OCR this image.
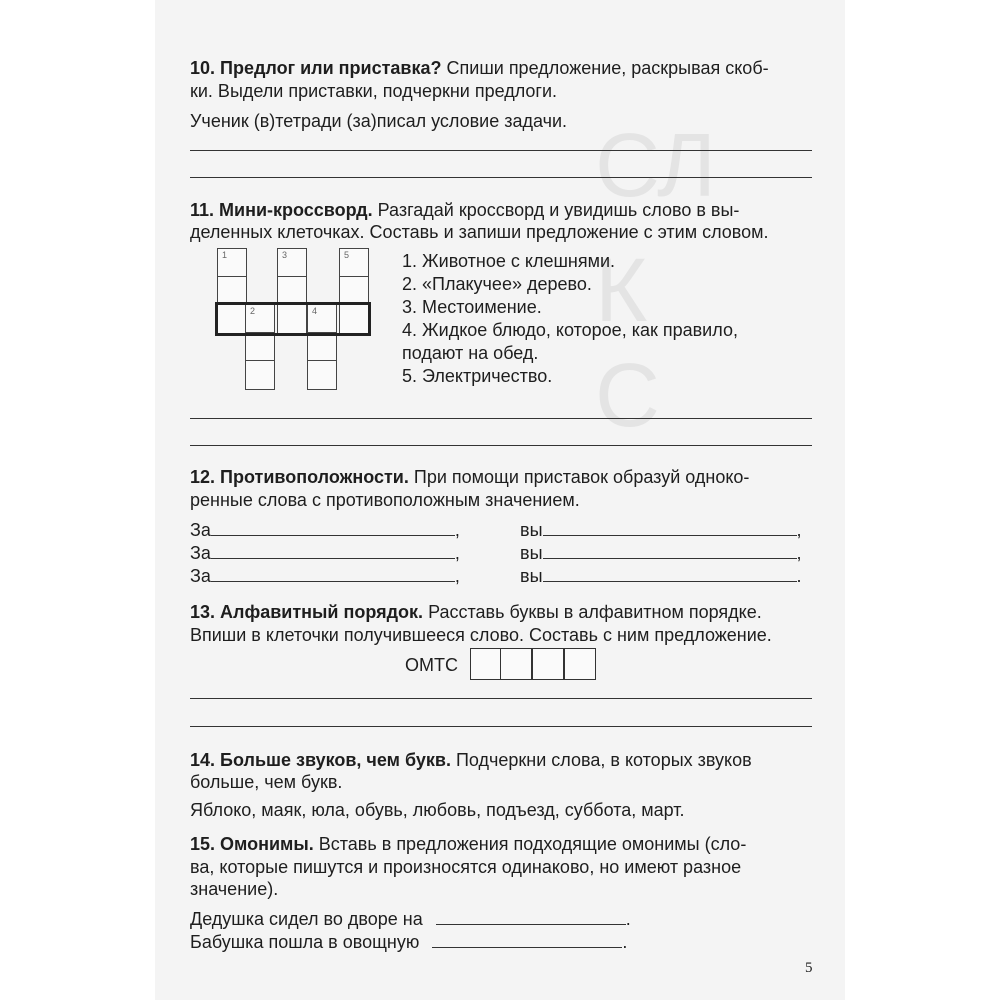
СЛ
К
С
10. Предлог или приставка? Спиши предложение, раскрывая скоб-
ки. Выдели приставки, подчеркни предлоги.
Ученик (в)тетради (за)писал условие задачи.
11. Мини-кроссворд. Разгадай кроссворд и увидишь слово в вы-
деленных клеточках. Составь и запиши предложение с этим словом.
1
2
3
4
5	1. Животное с клешнями.
2. «Плакучее» дерево.
3. Местоимение.
4. Жидкое блюдо, которое, как правило,
подают на обед.
5. Электричество.
12. Противоположности. При помощи приставок образуй одноко-
ренные слова с противоположным значением.
За	,	вы	,
За	,	вы	,
За	,	вы	.
13. Алфавитный порядок. Расставь буквы в алфавитном порядке.
Впиши в клеточки получившееся слово. Составь с ним предложение.
ОМТС
14. Больше звуков, чем букв. Подчеркни слова, в которых звуков
больше, чем букв.
Яблоко, маяк, юла, обувь, любовь, подъезд, суббота, март.
15. Омонимы. Вставь в предложения подходящие омонимы (сло-
ва, которые пишутся и произносятся одинаково, но имеют разное
значение).
Дедушка сидел во дворе на	.
Бабушка пошла в овощную	.
5
